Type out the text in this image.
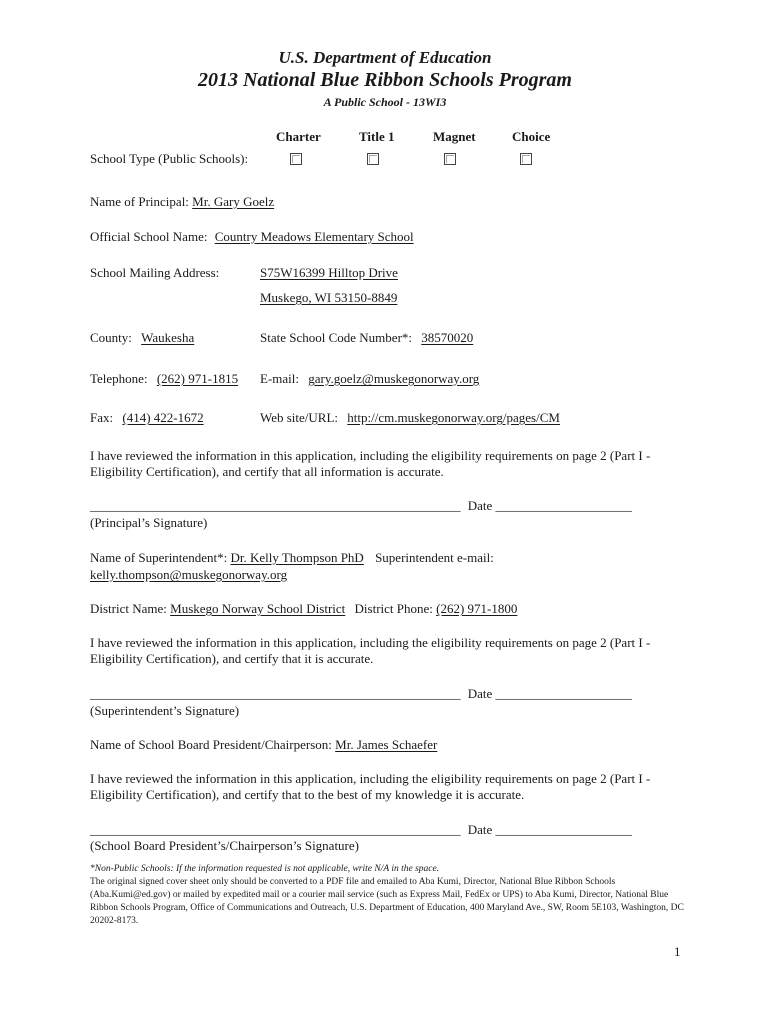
U.S. Department of Education
2013 National Blue Ribbon Schools Program
A Public School - 13WI3
Charter	Title 1	Magnet	Choice
School Type (Public Schools):
Name of Principal: Mr. Gary Goelz
Official School Name: Country Meadows Elementary School
School Mailing Address:	S75W16399 Hilltop Drive
Muskego, WI 53150-8849
County: Waukesha	State School Code Number*: 38570020
Telephone: (262) 971-1815 E-mail: gary.goelz@muskegonorway.org
Fax: (414) 422-1672	Web site/URL: http://cm.muskegonorway.org/pages/CM
I have reviewed the information in this application, including the eligibility requirements on page 2 (Part I - Eligibility Certification), and certify that all information is accurate.
_________________________________________________________ Date _____________________
(Principal’s Signature)
Name of Superintendent*: Dr. Kelly Thompson PhD Superintendent e-mail:
kelly.thompson@muskegonorway.org
District Name: Muskego Norway School District District Phone: (262) 971-1800
I have reviewed the information in this application, including the eligibility requirements on page 2 (Part I - Eligibility Certification), and certify that it is accurate.
_________________________________________________________ Date _____________________
(Superintendent’s Signature)
Name of School Board President/Chairperson: Mr. James Schaefer
I have reviewed the information in this application, including the eligibility requirements on page 2 (Part I - Eligibility Certification), and certify that to the best of my knowledge it is accurate.
_________________________________________________________ Date _____________________
(School Board President’s/Chairperson’s Signature)
*Non-Public Schools: If the information requested is not applicable, write N/A in the space.
The original signed cover sheet only should be converted to a PDF file and emailed to Aba Kumi, Director, National Blue Ribbon Schools (Aba.Kumi@ed.gov) or mailed by expedited mail or a courier mail service (such as Express Mail, FedEx or UPS) to Aba Kumi, Director, National Blue Ribbon Schools Program, Office of Communications and Outreach, U.S. Department of Education, 400 Maryland Ave., SW, Room 5E103, Washington, DC 20202-8173.
1
